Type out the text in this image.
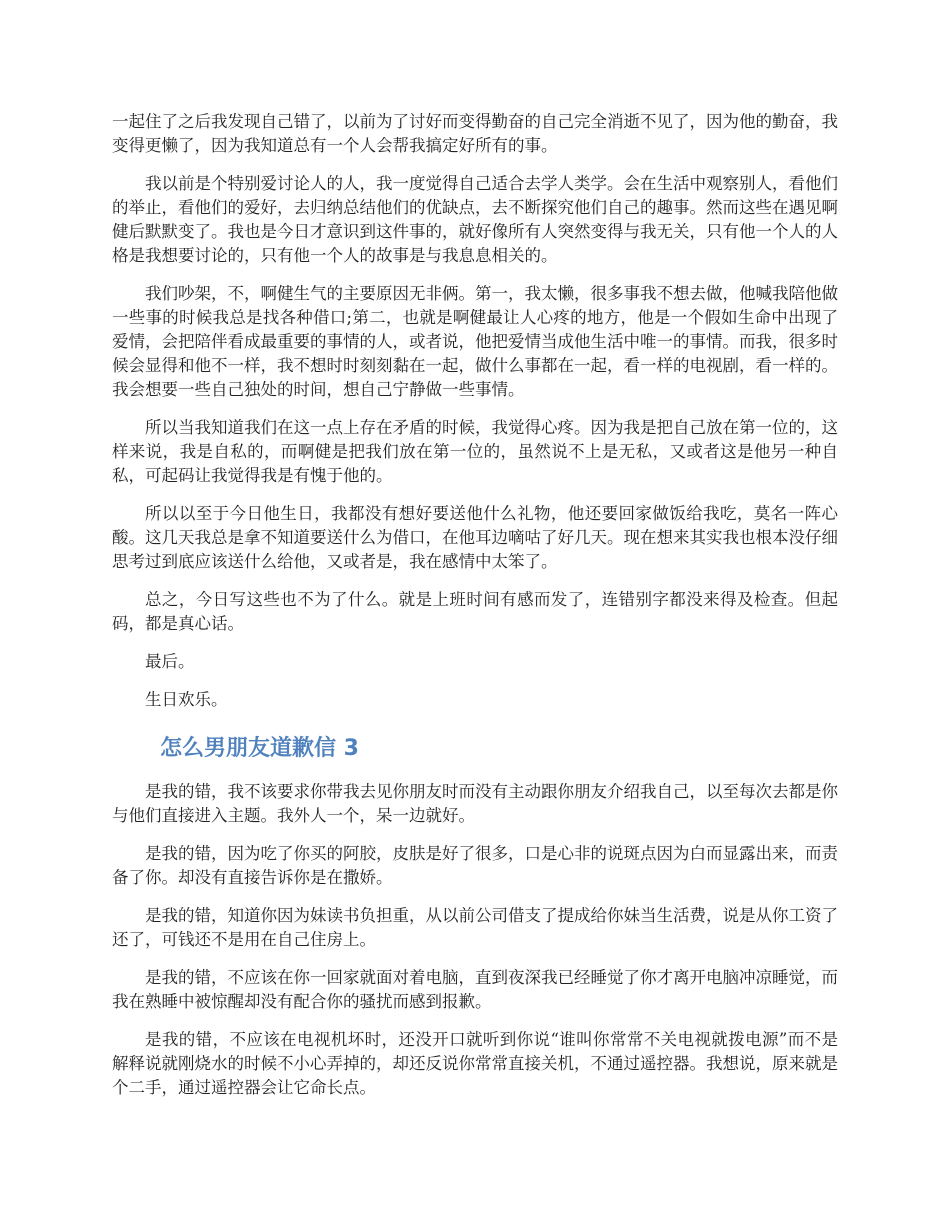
一起住了之后我发现自己错了，以前为了讨好而变得勤奋的自己完全消逝不见了，因为他的勤奋，我变得更懒了，因为我知道总有一个人会帮我搞定好所有的事。

我以前是个特别爱讨论人的人，我一度觉得自己适合去学人类学。会在生活中观察别人，看他们的举止，看他们的爱好，去归纳总结他们的优缺点，去不断探究他们自己的趣事。然而这些在遇见啊健后默默变了。我也是今日才意识到这件事的，就好像所有人突然变得与我无关，只有他一个人的人格是我想要讨论的，只有他一个人的故事是与我息息相关的。

我们吵架，不，啊健生气的主要原因无非俩。第一，我太懒，很多事我不想去做，他喊我陪他做一些事的时候我总是找各种借口;第二，也就是啊健最让人心疼的地方，他是一个假如生命中出现了爱情，会把陪伴看成最重要的事情的人，或者说，他把爱情当成他生活中唯一的事情。而我，很多时候会显得和他不一样，我不想时时刻刻黏在一起，做什么事都在一起，看一样的电视剧，看一样的。我会想要一些自己独处的时间，想自己宁静做一些事情。

所以当我知道我们在这一点上存在矛盾的时候，我觉得心疼。因为我是把自己放在第一位的，这样来说，我是自私的，而啊健是把我们放在第一位的，虽然说不上是无私，又或者这是他另一种自私，可起码让我觉得我是有愧于他的。

所以以至于今日他生日，我都没有想好要送他什么礼物，他还要回家做饭给我吃，莫名一阵心酸。这几天我总是拿不知道要送什么为借口，在他耳边嘀咕了好几天。现在想来其实我也根本没仔细思考过到底应该送什么给他，又或者是，我在感情中太笨了。

总之，今日写这些也不为了什么。就是上班时间有感而发了，连错别字都没来得及检查。但起码，都是真心话。

最后。

生日欢乐。

怎么男朋友道歉信 3

是我的错，我不该要求你带我去见你朋友时而没有主动跟你朋友介绍我自己，以至每次去都是你与他们直接进入主题。我外人一个，呆一边就好。

是我的错，因为吃了你买的阿胶，皮肤是好了很多，口是心非的说斑点因为白而显露出来，而责备了你。却没有直接告诉你是在撒娇。

是我的错，知道你因为妹读书负担重，从以前公司借支了提成给你妹当生活费，说是从你工资了还了，可钱还不是用在自己住房上。

是我的错，不应该在你一回家就面对着电脑，直到夜深我已经睡觉了你才离开电脑冲凉睡觉，而我在熟睡中被惊醒却没有配合你的骚扰而感到报歉。

是我的错，不应该在电视机坏时，还没开口就听到你说“谁叫你常常不关电视就拨电源”而不是解释说就刚烧水的时候不小心弄掉的，却还反说你常常直接关机，不通过遥控器。我想说，原来就是个二手，通过遥控器会让它命长点。
